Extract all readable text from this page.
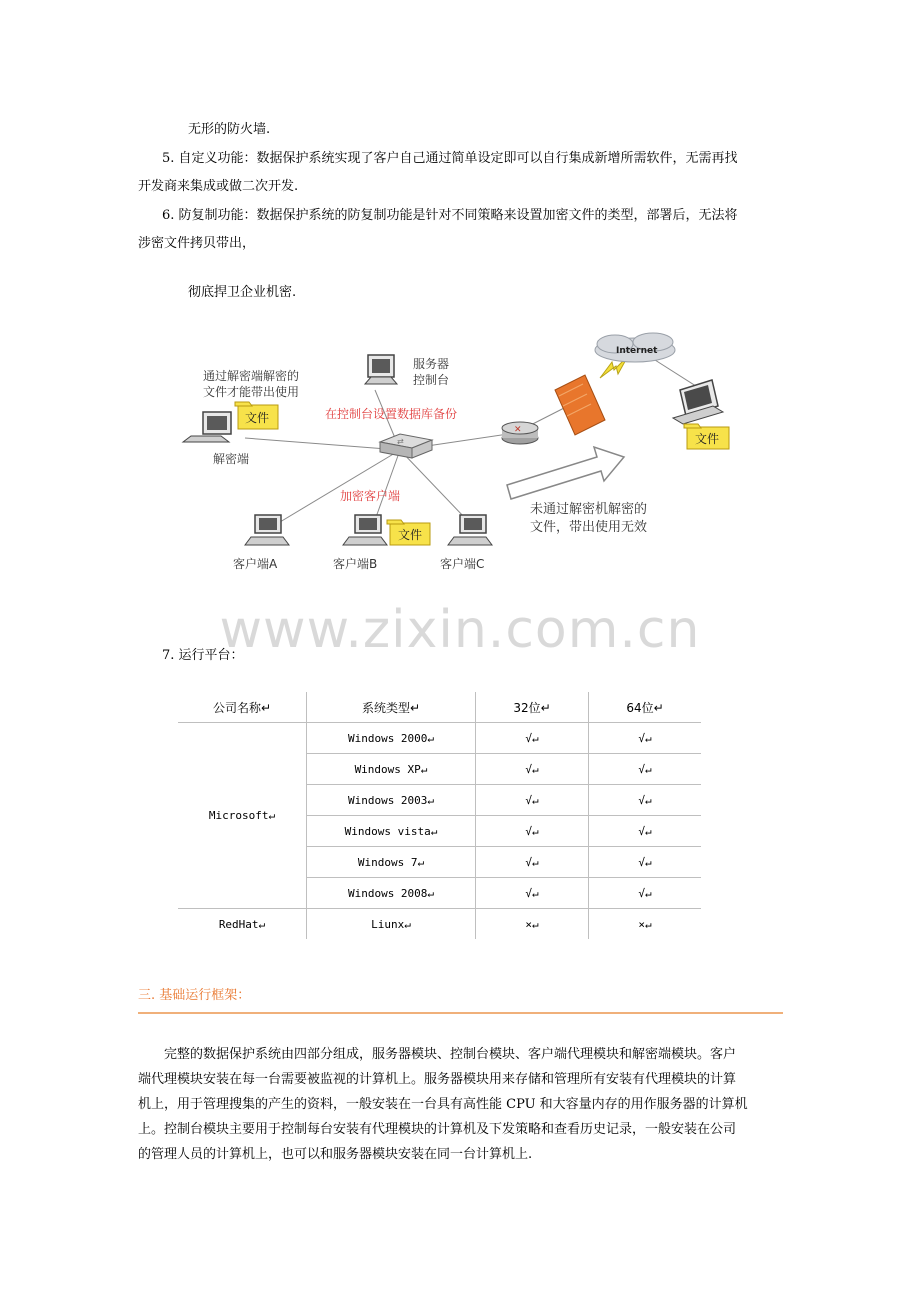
无形的防火墙.

5. 自定义功能：数据保护系统实现了客户自己通过简单设定即可以自行集成新增所需软件，无需再找

开发商来集成或做二次开发.

6. 防复制功能：数据保护系统的防复制功能是针对不同策略来设置加密文件的类型，部署后，无法将

涉密文件拷贝带出，

彻底捍卫企业机密.

通过解密端解密的
文件才能带出使用
文件
服务器
控制台
在控制台设置数据库备份
解密端
⇄
加密客户端
客户端A
文件
客户端B	客户端C
✕
Internet
文件
未通过解密机解密的
文件，带出使用无效
www.zixin.com.cn

7. 运行平台：

公司名称↵	系统类型↵	32位↵	64位↵
Microsoft↵	Windows 2000↵	√↵	√↵
	Windows XP↵	√↵	√↵
	Windows 2003↵	√↵	√↵
	Windows vista↵	√↵	√↵
	Windows 7↵	√↵	√↵
	Windows 2008↵	√↵	√↵
RedHat↵	Liunx↵	×↵	×↵
三. 基础运行框架：
　　完整的数据保护系统由四部分组成，服务器模块、控制台模块、客户端代理模块和解密端模块。客户
端代理模块安装在每一台需要被监视的计算机上。服务器模块用来存储和管理所有安装有代理模块的计算
机上，用于管理搜集的产生的资料，一般安装在一台具有高性能 CPU 和大容量内存的用作服务器的计算机
上。控制台模块主要用于控制每台安装有代理模块的计算机及下发策略和查看历史记录，一般安装在公司
的管理人员的计算机上，也可以和服务器模块安装在同一台计算机上.
